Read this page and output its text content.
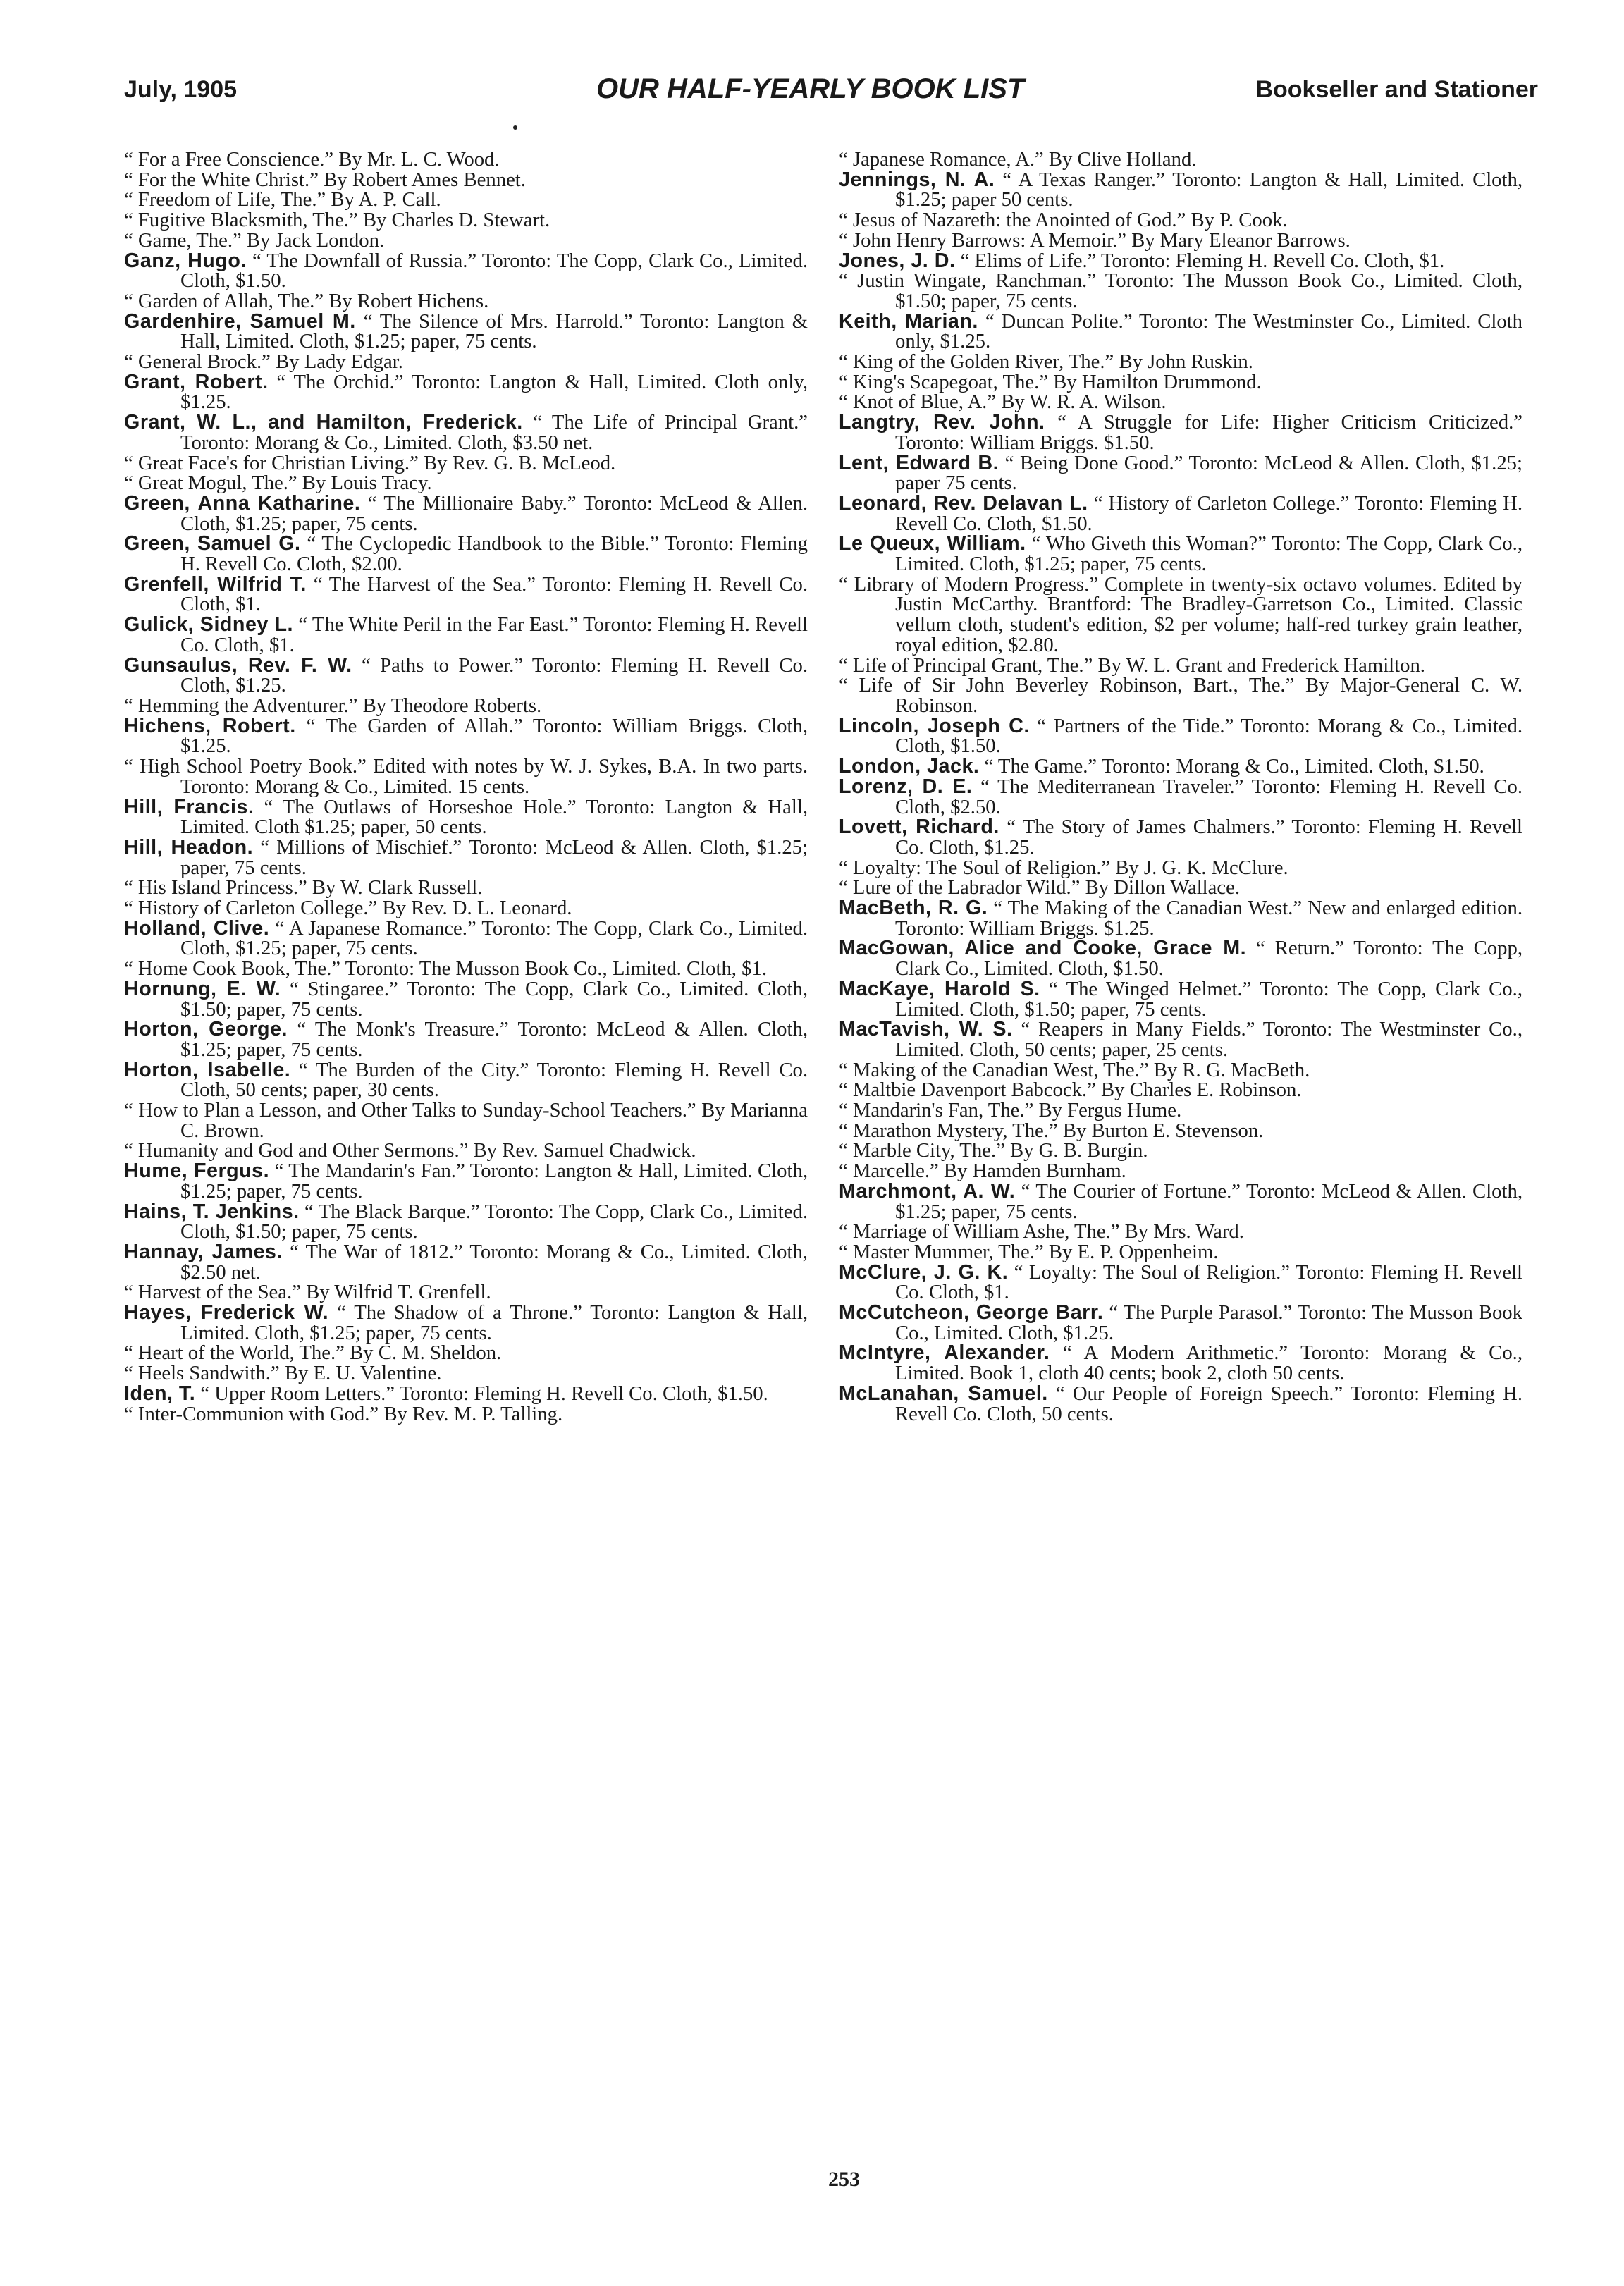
July, 1905	OUR HALF-YEARLY BOOK LIST	Bookseller and Stationer

“ For a Free Conscience.” By Mr. L. C. Wood.

“ For the White Christ.” By Robert Ames Bennet.

“ Freedom of Life, The.” By A. P. Call.

“ Fugitive Blacksmith, The.” By Charles D. Stewart.

“ Game, The.” By Jack London.

Ganz, Hugo. “ The Downfall of Russia.” Toronto: The Copp, Clark Co., Limited. Cloth, $1.50.

“ Garden of Allah, The.” By Robert Hichens.

Gardenhire, Samuel M. “ The Silence of Mrs. Harrold.” Toronto: Langton & Hall, Limited. Cloth, $1.25; paper, 75 cents.

“ General Brock.” By Lady Edgar.

Grant, Robert. “ The Orchid.” Toronto: Langton & Hall, Limited. Cloth only, $1.25.

Grant, W. L., and Hamilton, Frederick. “ The Life of Principal Grant.” Toronto: Morang & Co., Limited. Cloth, $3.50 net.

“ Great Face's for Christian Living.” By Rev. G. B. McLeod.

“ Great Mogul, The.” By Louis Tracy.

Green, Anna Katharine. “ The Millionaire Baby.” Toronto: McLeod & Allen. Cloth, $1.25; paper, 75 cents.

Green, Samuel G. “ The Cyclopedic Handbook to the Bible.” Toronto: Fleming H. Revell Co. Cloth, $2.00.

Grenfell, Wilfrid T. “ The Harvest of the Sea.” Toronto: Fleming H. Revell Co. Cloth, $1.

Gulick, Sidney L. “ The White Peril in the Far East.” Toronto: Fleming H. Revell Co. Cloth, $1.

Gunsaulus, Rev. F. W. “ Paths to Power.” Toronto: Fleming H. Revell Co. Cloth, $1.25.

“ Hemming the Adventurer.” By Theodore Roberts.

Hichens, Robert. “ The Garden of Allah.” Toronto: William Briggs. Cloth, $1.25.

“ High School Poetry Book.” Edited with notes by W. J. Sykes, B.A. In two parts. Toronto: Morang & Co., Limited. 15 cents.

Hill, Francis. “ The Outlaws of Horseshoe Hole.” Toronto: Langton & Hall, Limited. Cloth $1.25; paper, 50 cents.

Hill, Headon. “ Millions of Mischief.” Toronto: McLeod & Allen. Cloth, $1.25; paper, 75 cents.

“ His Island Princess.” By W. Clark Russell.

“ History of Carleton College.” By Rev. D. L. Leonard.

Holland, Clive. “ A Japanese Romance.” Toronto: The Copp, Clark Co., Limited. Cloth, $1.25; paper, 75 cents.

“ Home Cook Book, The.” Toronto: The Musson Book Co., Limited. Cloth, $1.

Hornung, E. W. “ Stingaree.” Toronto: The Copp, Clark Co., Limited. Cloth, $1.50; paper, 75 cents.

Horton, George. “ The Monk's Treasure.” Toronto: McLeod & Allen. Cloth, $1.25; paper, 75 cents.

Horton, Isabelle. “ The Burden of the City.” Toronto: Fleming H. Revell Co. Cloth, 50 cents; paper, 30 cents.

“ How to Plan a Lesson, and Other Talks to Sunday-School Teachers.” By Marianna C. Brown.

“ Humanity and God and Other Sermons.” By Rev. Samuel Chadwick.

Hume, Fergus. “ The Mandarin's Fan.” Toronto: Langton & Hall, Limited. Cloth, $1.25; paper, 75 cents.

Hains, T. Jenkins. “ The Black Barque.” Toronto: The Copp, Clark Co., Limited. Cloth, $1.50; paper, 75 cents.

Hannay, James. “ The War of 1812.” Toronto: Morang & Co., Limited. Cloth, $2.50 net.

“ Harvest of the Sea.” By Wilfrid T. Grenfell.

Hayes, Frederick W. “ The Shadow of a Throne.” Toronto: Langton & Hall, Limited. Cloth, $1.25; paper, 75 cents.

“ Heart of the World, The.” By C. M. Sheldon.

“ Heels Sandwith.” By E. U. Valentine.

Iden, T. “ Upper Room Letters.” Toronto: Fleming H. Revell Co. Cloth, $1.50.

“ Inter-Communion with God.” By Rev. M. P. Talling.

“ Japanese Romance, A.” By Clive Holland.

Jennings, N. A. “ A Texas Ranger.” Toronto: Langton & Hall, Limited. Cloth, $1.25; paper 50 cents.

“ Jesus of Nazareth: the Anointed of God.” By P. Cook.

“ John Henry Barrows: A Memoir.” By Mary Eleanor Barrows.

Jones, J. D. “ Elims of Life.” Toronto: Fleming H. Revell Co. Cloth, $1.

“ Justin Wingate, Ranchman.” Toronto: The Musson Book Co., Limited. Cloth, $1.50; paper, 75 cents.

Keith, Marian. “ Duncan Polite.” Toronto: The Westminster Co., Limited. Cloth only, $1.25.

“ King of the Golden River, The.” By John Ruskin.

“ King's Scapegoat, The.” By Hamilton Drummond.

“ Knot of Blue, A.” By W. R. A. Wilson.

Langtry, Rev. John. “ A Struggle for Life: Higher Criticism Criticized.” Toronto: William Briggs. $1.50.

Lent, Edward B. “ Being Done Good.” Toronto: McLeod & Allen. Cloth, $1.25; paper 75 cents.

Leonard, Rev. Delavan L. “ History of Carleton College.” Toronto: Fleming H. Revell Co. Cloth, $1.50.

Le Queux, William. “ Who Giveth this Woman?” Toronto: The Copp, Clark Co., Limited. Cloth, $1.25; paper, 75 cents.

“ Library of Modern Progress.” Complete in twenty-six octavo volumes. Edited by Justin McCarthy. Brantford: The Bradley-Garretson Co., Limited. Classic vellum cloth, student's edition, $2 per volume; half-red turkey grain leather, royal edition, $2.80.

“ Life of Principal Grant, The.” By W. L. Grant and Frederick Hamilton.

“ Life of Sir John Beverley Robinson, Bart., The.” By Major-General C. W. Robinson.

Lincoln, Joseph C. “ Partners of the Tide.” Toronto: Morang & Co., Limited. Cloth, $1.50.

London, Jack. “ The Game.” Toronto: Morang & Co., Limited. Cloth, $1.50.

Lorenz, D. E. “ The Mediterranean Traveler.” Toronto: Fleming H. Revell Co. Cloth, $2.50.

Lovett, Richard. “ The Story of James Chalmers.” Toronto: Fleming H. Revell Co. Cloth, $1.25.

“ Loyalty: The Soul of Religion.” By J. G. K. McClure.

“ Lure of the Labrador Wild.” By Dillon Wallace.

MacBeth, R. G. “ The Making of the Canadian West.” New and enlarged edition. Toronto: William Briggs. $1.25.

MacGowan, Alice and Cooke, Grace M. “ Return.” Toronto: The Copp, Clark Co., Limited. Cloth, $1.50.

MacKaye, Harold S. “ The Winged Helmet.” Toronto: The Copp, Clark Co., Limited. Cloth, $1.50; paper, 75 cents.

MacTavish, W. S. “ Reapers in Many Fields.” Toronto: The Westminster Co., Limited. Cloth, 50 cents; paper, 25 cents.

“ Making of the Canadian West, The.” By R. G. MacBeth.

“ Maltbie Davenport Babcock.” By Charles E. Robinson.

“ Mandarin's Fan, The.” By Fergus Hume.

“ Marathon Mystery, The.” By Burton E. Stevenson.

“ Marble City, The.” By G. B. Burgin.

“ Marcelle.” By Hamden Burnham.

Marchmont, A. W. “ The Courier of Fortune.” Toronto: McLeod & Allen. Cloth, $1.25; paper, 75 cents.

“ Marriage of William Ashe, The.” By Mrs. Ward.

“ Master Mummer, The.” By E. P. Oppenheim.

McClure, J. G. K. “ Loyalty: The Soul of Religion.” Toronto: Fleming H. Revell Co. Cloth, $1.

McCutcheon, George Barr. “ The Purple Parasol.” Toronto: The Musson Book Co., Limited. Cloth, $1.25.

McIntyre, Alexander. “ A Modern Arithmetic.” Toronto: Morang & Co., Limited. Book 1, cloth 40 cents; book 2, cloth 50 cents.

McLanahan, Samuel. “ Our People of Foreign Speech.” Toronto: Fleming H. Revell Co. Cloth, 50 cents.

253
